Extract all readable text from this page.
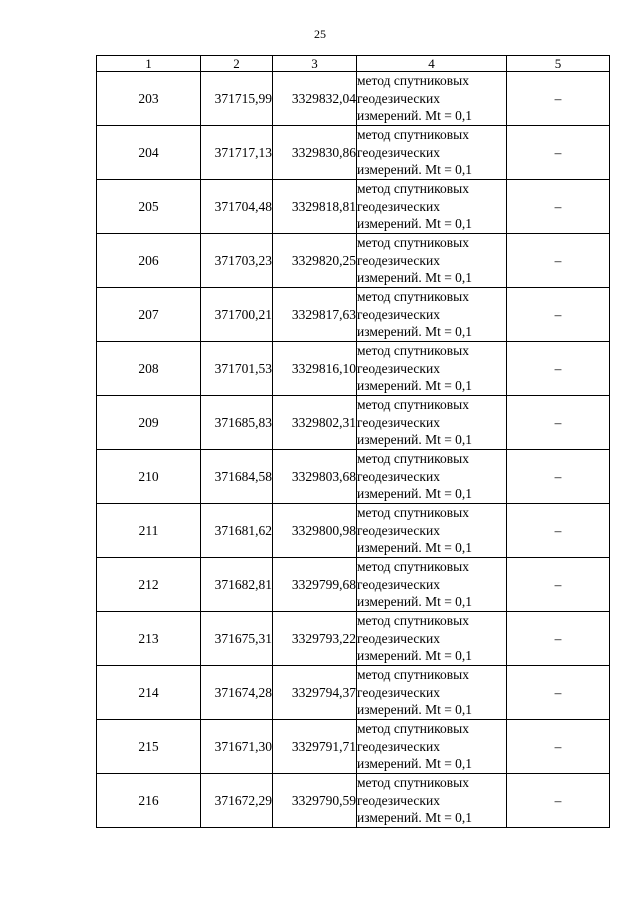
25
1	2	3	4	5
203	371715,99	3329832,04	метод спутниковых
геодезических
измерений. Mt = 0,1	–
204	371717,13	3329830,86	метод спутниковых
геодезических
измерений. Mt = 0,1	–
205	371704,48	3329818,81	метод спутниковых
геодезических
измерений. Mt = 0,1	–
206	371703,23	3329820,25	метод спутниковых
геодезических
измерений. Mt = 0,1	–
207	371700,21	3329817,63	метод спутниковых
геодезических
измерений. Mt = 0,1	–
208	371701,53	3329816,10	метод спутниковых
геодезических
измерений. Mt = 0,1	–
209	371685,83	3329802,31	метод спутниковых
геодезических
измерений. Mt = 0,1	–
210	371684,58	3329803,68	метод спутниковых
геодезических
измерений. Mt = 0,1	–
211	371681,62	3329800,98	метод спутниковых
геодезических
измерений. Mt = 0,1	–
212	371682,81	3329799,68	метод спутниковых
геодезических
измерений. Mt = 0,1	–
213	371675,31	3329793,22	метод спутниковых
геодезических
измерений. Mt = 0,1	–
214	371674,28	3329794,37	метод спутниковых
геодезических
измерений. Mt = 0,1	–
215	371671,30	3329791,71	метод спутниковых
геодезических
измерений. Mt = 0,1	–
216	371672,29	3329790,59	метод спутниковых
геодезических
измерений. Mt = 0,1	–
